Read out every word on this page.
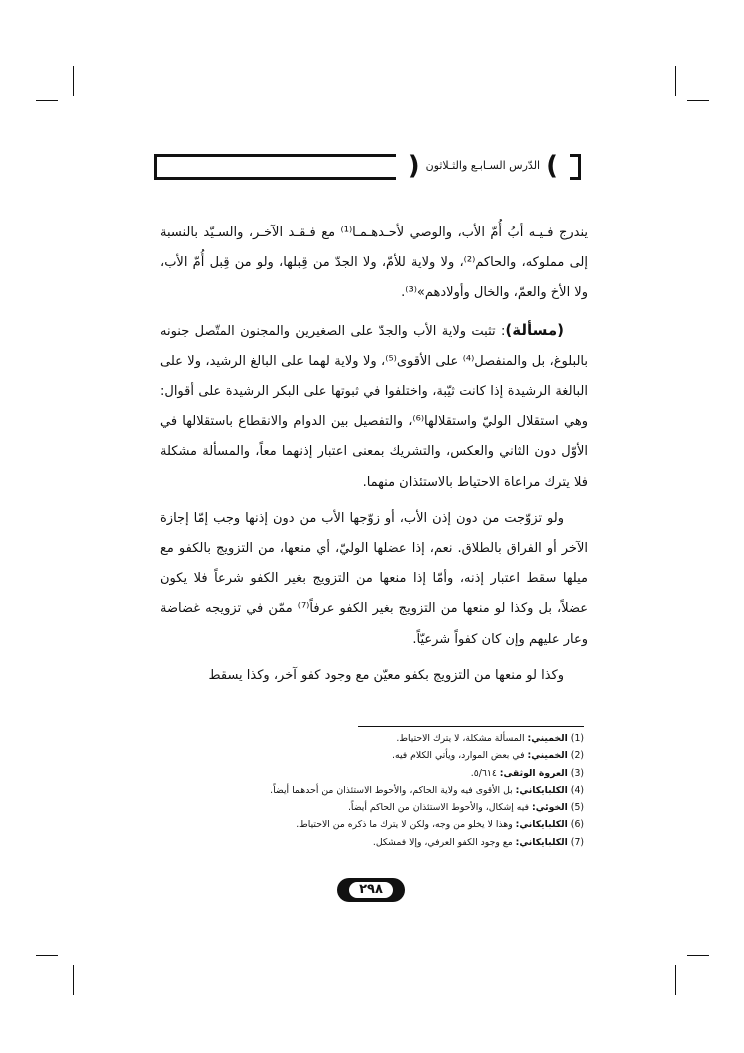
)
الدّرس السـابـع والثـلاثون
(

يندرج فـيـه أبُ أُمّ الأب، والوصي لأحـدهـمـا⁽¹⁾ مع فـقـد الآخـر، والسـيّد بالنسبة إلى مملوكه، والحاكم⁽²⁾، ولا ولاية للأمّ، ولا الجدّ من قِبلها، ولو من قِبل أُمّ الأب، ولا الأخ والعمّ، والخال وأولادهم»⁽³⁾.

(مسألة): تثبت ولاية الأب والجدّ على الصغيرين والمجنون المتّصل جنونه بالبلوغ، بل والمنفصل⁽⁴⁾ على الأقوى⁽⁵⁾، ولا ولاية لهما على البالغ الرشيد، ولا على البالغة الرشيدة إذا كانت ثيّبة، واختلفوا في ثبوتها على البكر الرشيدة على أقوال: وهي استقلال الوليّ واستقلالها⁽⁶⁾، والتفصيل بين الدوام والانقطاع باستقلالها في الأوّل دون الثاني والعكس، والتشريك بمعنى اعتبار إذنهما معاً، والمسألة مشكلة فلا يترك مراعاة الاحتياط بالاستئذان منهما.

ولو تزوّجت من دون إذن الأب، أو زوّجها الأب من دون إذنها وجب إمّا إجازة الآخر أو الفراق بالطلاق. نعم، إذا عضلها الوليّ، أي منعها، من التزويج بالكفو مع ميلها سقط اعتبار إذنه، وأمّا إذا منعها من التزويج بغير الكفو شرعاً فلا يكون عضلاً، بل وكذا لو منعها من التزويج بغير الكفو عرفاً⁽⁷⁾ ممّن في تزويجه غضاضة وعار عليهم وإن كان كفواً شرعيّاً.

وكذا لو منعها من التزويج بكفو معيّن مع وجود كفو آخر، وكذا يسقط

(1) الخميني: المسألة مشكلة، لا يترك الاحتياط.
(2) الخميني: في بعض الموارد، ويأتي الكلام فيه.
(3) العروة الوثقى: ٥/٦١٤.
(4) الكلبايكاني: بل الأقوى فيه ولاية الحاكم، والأحوط الاستئذان من أحدهما أيضاً.
(5) الخوئي: فيه إشكال، والأحوط الاستئذان من الحاكم أيضاً.
(6) الكلبايكاني: وهذا لا يخلو من وجه، ولكن لا يترك ما ذكره من الاحتياط.
(7) الكلبايكاني: مع وجود الكفو العرفي، وإلا فمشكل.
٢٩٨
